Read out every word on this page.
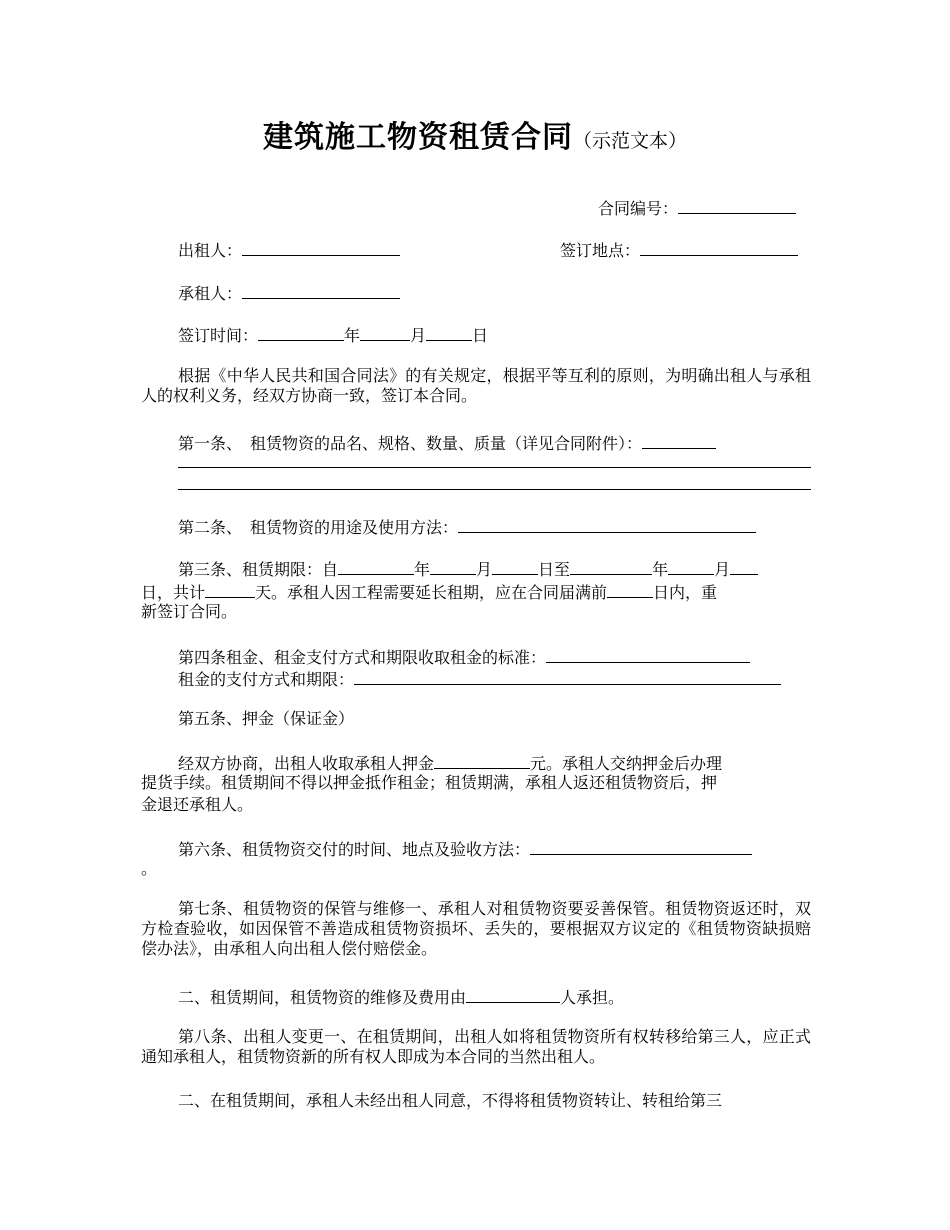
建筑施工物资租赁合同（示范文本）
合同编号：
出租人：	签订地点：
承租人：
签订时间：	年	月	日
根据《中华人民共和国合同法》的有关规定，根据平等互利的原则，为明确出租人与承租人的权利义务，经双方协商一致，签订本合同。
第一条、　租赁物资的品名、规格、数量、质量（详见合同附件）：
第二条、　租赁物资的用途及使用方法：
第三条、租赁期限：自	年	月	日至	年	月
日，共计	天。承租人因工程需要延长租期，应在合同届满前	日内，重
新签订合同。
第四条租金、租金支付方式和期限收取租金的标准：
租金的支付方式和期限：
第五条、押金（保证金）
经双方协商，出租人收取承租人押金	元。承租人交纳押金后办理
提货手续。租赁期间不得以押金抵作租金；租赁期满，承租人返还租赁物资后，押
金退还承租人。
第六条、租赁物资交付的时间、地点及验收方法：
。
第七条、租赁物资的保管与维修一、承租人对租赁物资要妥善保管。租赁物资返还时，双方检查验收，如因保管不善造成租赁物资损坏、丢失的，要根据双方议定的《租赁物资缺损赔偿办法》，由承租人向出租人偿付赔偿金。
二、租赁期间，租赁物资的维修及费用由	人承担。
第八条、出租人变更一、在租赁期间，出租人如将租赁物资所有权转移给第三人，应正式通知承租人，租赁物资新的所有权人即成为本合同的当然出租人。
二、在租赁期间，承租人未经出租人同意，不得将租赁物资转让、转租给第三
